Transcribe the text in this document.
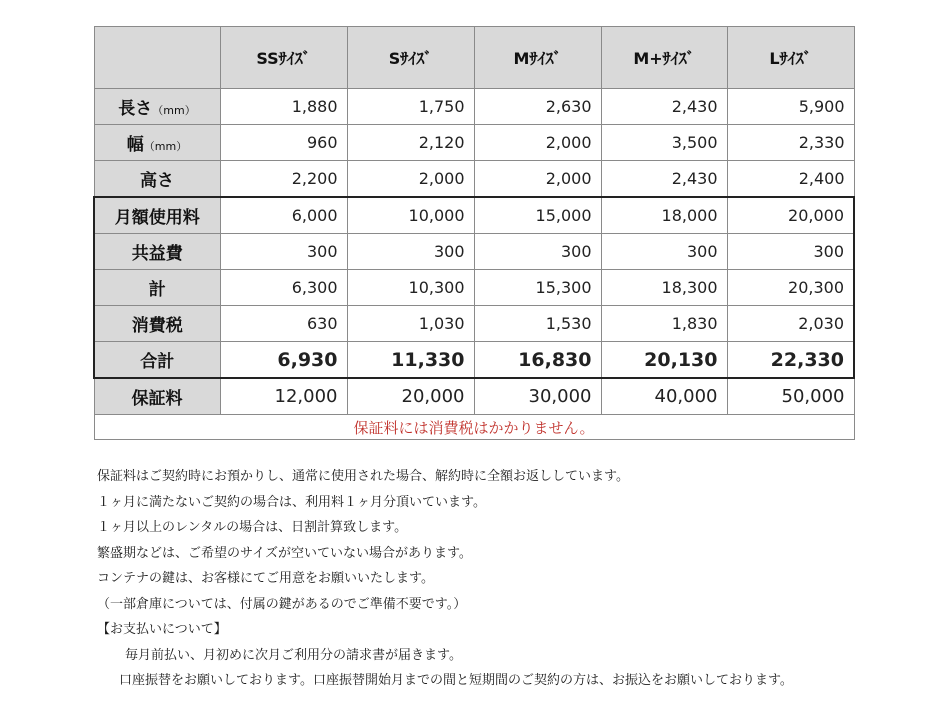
	SSｻｲｽﾞ	Sｻｲｽﾞ	Mｻｲｽﾞ	M+ｻｲｽﾞ	Lｻｲｽﾞ
長さ（mm）	1,880	1,750	2,630	2,430	5,900
幅（mm）	960	2,120	2,000	3,500	2,330
高さ	2,200	2,000	2,000	2,430	2,400
月額使用料	6,000	10,000	15,000	18,000	20,000
共益費	300	300	300	300	300
計	6,300	10,300	15,300	18,300	20,300
消費税	630	1,030	1,530	1,830	2,030
合計	6,930	11,330	16,830	20,130	22,330
保証料	12,000	20,000	30,000	40,000	50,000
保証料には消費税はかかりません。					
保証料はご契約時にお預かりし、通常に使用された場合、解約時に全額お返ししています。
１ヶ月に満たないご契約の場合は、利用料１ヶ月分頂いています。
１ヶ月以上のレンタルの場合は、日割計算致します。
繁盛期などは、ご希望のサイズが空いていない場合があります。
コンテナの鍵は、お客様にてご用意をお願いいたします。
（一部倉庫については、付属の鍵があるのでご準備不要です。）
【お支払いについて】
毎月前払い、月初めに次月ご利用分の請求書が届きます。
口座振替をお願いしております。口座振替開始月までの間と短期間のご契約の方は、お振込をお願いしております。
